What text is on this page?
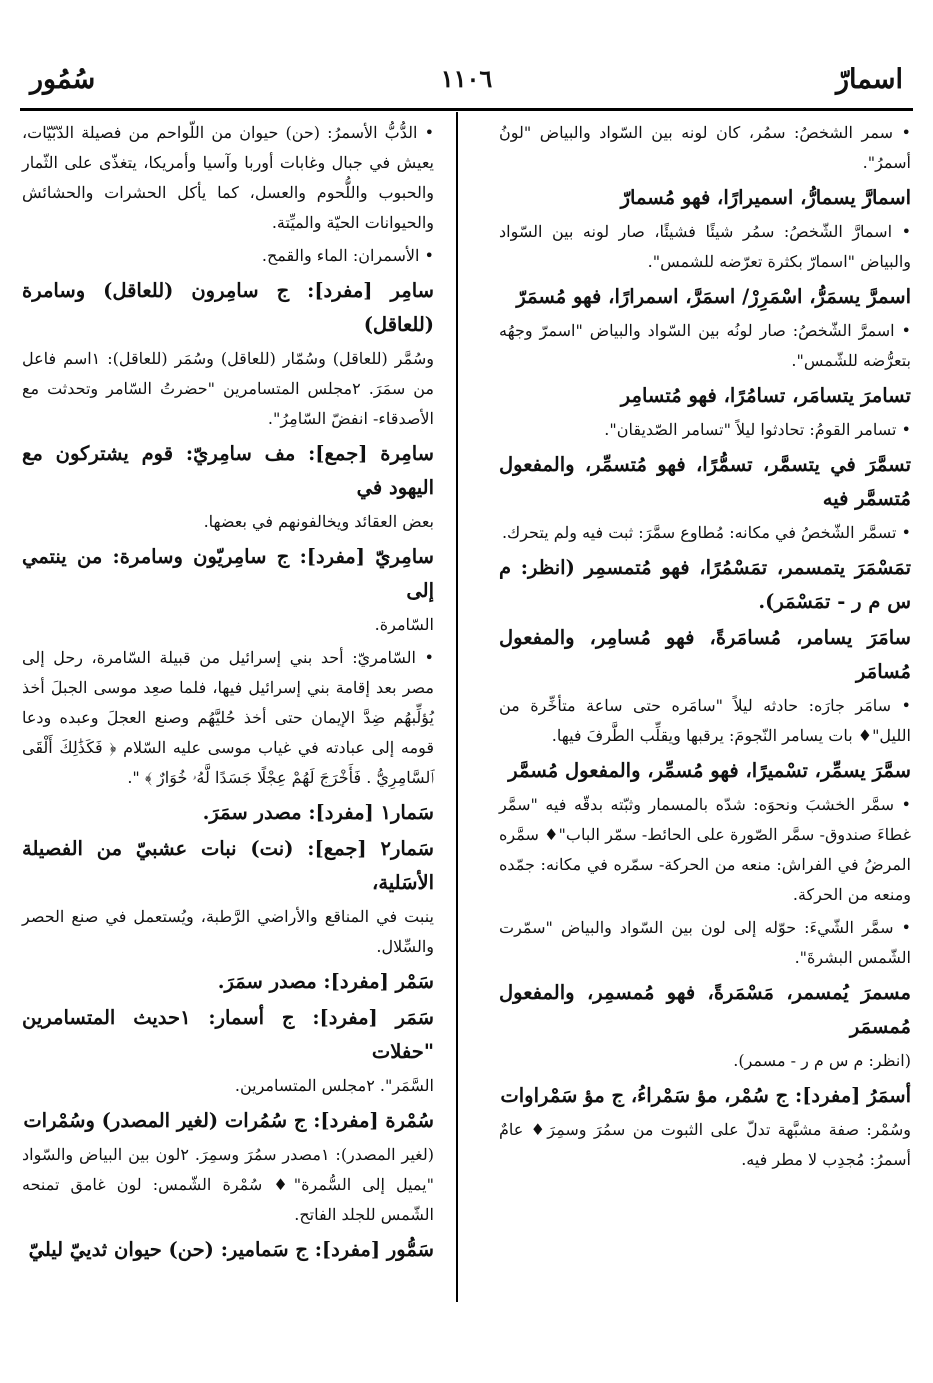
اسمارّ
١١٠٦
سُمُور
• سمر الشخصُ: سمُر، كان لونه بين السّواد والبياض "لونُ أسمرُ".
اسمارَّ يسمارُّ، اسميرارًا، فهو مُسمارّ
• اسمارَّ الشّخصُ: سمُر شيئًا فشيئًا، صار لونه بين السّواد والبياض "اسمارّ بكثرة تعرّضه للشمس".
اسمرَّ يسمَرُّ، اسْمَرِرْ/ اسمَرَّ، اسمرارًا، فهو مُسمَرّ
• اسمرَّ الشّخصُ: صار لونُه بين السّواد والبياض "اسمرّ وجهُه بتعرُّضه للشّمس".
تسامرَ يتسامَر، تسامُرًا، فهو مُتسامِر
• تسامر القومُ: تحادثوا ليلاً "تسامر الصّديقان".
تسمَّرَ في يتسمَّر، تسمُّرًا، فهو مُتسمِّر، والمفعول مُتسمَّر فيه
• تسمَّر الشّخصُ في مكانه: مُطاوع سمَّرَ: ثبت فيه ولم يتحرك.
تمَسْمَرَ يتمسمر، تمَسْمُرًا، فهو مُتمسمِر (انظر: م س م ر - تمَسْمَر).
سامَرَ يسامر، مُسامَرةً، فهو مُسامِر، والمفعول مُسامَر
• سامَر جارَه: حادثه ليلاً "سامَره حتى ساعة متأخِّرة من الليل"♦ بات يسامر النّجومَ: يرقبها ويقلِّب الطَّرفَ فيها.
سمَّرَ يسمِّر، تسْميرًا، فهو مُسمِّر، والمفعول مُسمَّر
• سمَّر الخشبَ ونحوَه: شدّه بالمسمار وثبّته بدقّه فيه "سمَّر غطاءَ صندوق- سمَّر الصّورة على الحائط- سمّر الباب"♦ سمَّره المرضُ في الفراش: منعه من الحركة- سمّره في مكانه: جمّده ومنعه من الحركة.
• سمَّر الشّيءَ: حوّله إلى لون بين السّواد والبياض "سمّرت الشّمس البشرةَ".
مسمرَ يُمسمر، مَسْمَرةً، فهو مُمسمِر، والمفعول مُمسمَر
(انظر: م س م ر - مسمر).
أسمَرُ [مفرد]: ج سُمْر، مؤ سَمْراءُ، ج مؤ سَمْراوات
وسُمْر: صفة مشبَّهة تدلّ على الثبوت من سمُرَ وسمِرَ♦ عامٌ أسمرُ: مُجدِب لا مطر فيه.
• الدُّبُّ الأسمرُ: (حن) حيوان من اللّواحم من فصيلة الدّبّيّات، يعيش في جبال وغابات أوربا وآسيا وأمريكا، يتغذّى على الثّمار والحبوب واللُّحوم والعسل، كما يأكل الحشرات والحشائش والحيوانات الحيّة والميِّتة.
• الأسمران: الماء والقمح.
سامِر [مفرد]: ج سامِرون (للعاقل) وسامرة (للعاقل)
وسُمَّر (للعاقل) وسُمّار (للعاقل) وسُمَر (للعاقل): ١اسم فاعل من سمَرَ. ٢مجلس المتسامرين "حضرتُ السّامر وتحدثت مع الأصدقاء- انفضّ السّامِرُ".
سامِرة [جمع]: مف سامِريّ: قوم يشتركون مع اليهود في
بعض العقائد ويخالفونهم في بعضها.
سامِريّ [مفرد]: ج سامِريّون وسامرة: من ينتمي إلى
السّامرة.
• السّامريّ: أحد بني إسرائيل من قبيلة السّامرة، رحل إلى مصر بعد إقامة بني إسرائيل فيها، فلما صعِد موسى الجبلَ أخذ يُؤلِّبهُم ضِدَّ الإيمان حتى أخذ حُليَّهُم وصنع العجلَ وعبده ودعا قومه إلى عبادته في غياب موسى عليه السّلام ﴿ فَكَذَٰلِكَ أَلْقَى ٱلسَّامِرِيُّ . فَأَخْرَجَ لَهُمْ عِجْلًا جَسَدًا لَّهُۥ خُوَارٌ ﴾ ".
سَمار١ [مفرد]: مصدر سمَرَ.
سَمار٢ [جمع]: (نت) نبات عشبيّ من الفصيلة الأسَلية،
ينبت في المناقع والأراضي الرَّطبة، ويُستعمل في صنع الحصر والسِّلال.
سَمْر [مفرد]: مصدر سمَرَ.
سَمَر [مفرد]: ج أسمار: ١حديث المتسامرين "حفلات
السَّمَر". ٢مجلس المتسامرين.
سُمْرة [مفرد]: ج سُمُرات (لغير المصدر) وسُمْرات
(لغير المصدر): ١مصدر سمُرَ وسمِرَ. ٢لون بين البياض والسّواد "يميل إلى السُّمرة"♦ سُمْرة الشّمس: لون غامق تمنحه الشّمس للجلد الفاتح.
سَمُّور [مفرد]: ج سَمامير: (حن) حيوان ثدييّ ليليّ
